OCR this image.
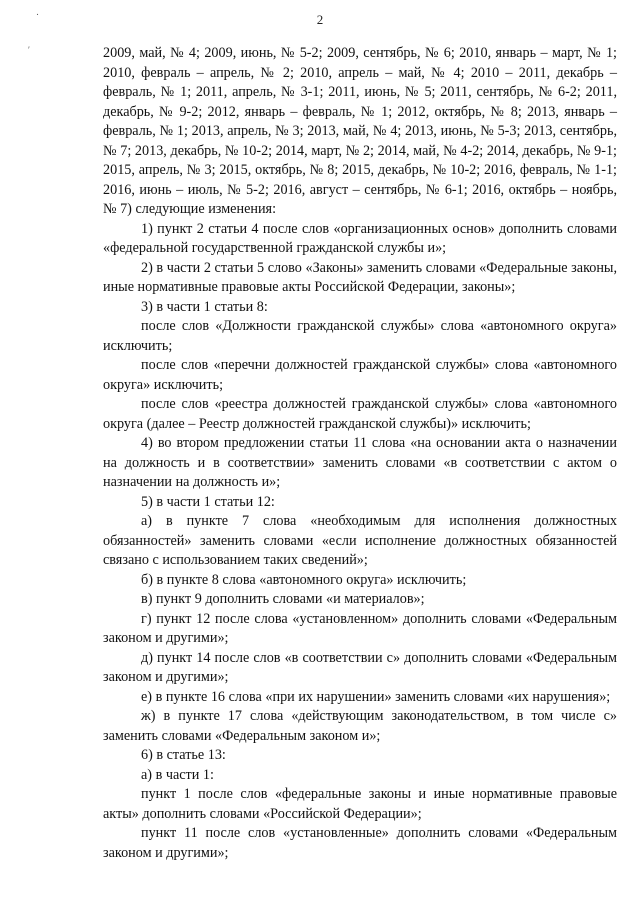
․
′
2

2009, май, № 4; 2009, июнь, № 5-2; 2009, сентябрь, № 6; 2010, январь – март, № 1; 2010, февраль – апрель, № 2; 2010, апрель – май, № 4; 2010 – 2011, декабрь – февраль, № 1; 2011, апрель, № 3-1; 2011, июнь, № 5; 2011, сентябрь, № 6-2; 2011, декабрь, № 9-2; 2012, январь – февраль, № 1; 2012, октябрь, № 8; 2013, январь – февраль, № 1; 2013, апрель, № 3; 2013, май, № 4; 2013, июнь, № 5-3; 2013, сентябрь, № 7; 2013, декабрь, № 10-2; 2014, март, № 2; 2014, май, № 4-2; 2014, декабрь, № 9-1; 2015, апрель, № 3; 2015, октябрь, № 8; 2015, декабрь, № 10-2; 2016, февраль, № 1-1; 2016, июнь – июль, № 5-2; 2016, август – сентябрь, № 6-1; 2016, октябрь – ноябрь, № 7) следующие изменения:

1) пункт 2 статьи 4 после слов «организационных основ» дополнить словами «федеральной государственной гражданской службы и»;

2) в части 2 статьи 5 слово «Законы» заменить словами «Федеральные законы, иные нормативные правовые акты Российской Федерации, законы»;

3) в части 1 статьи 8:

после слов «Должности гражданской службы» слова «автономного округа» исключить;

после слов «перечни должностей гражданской службы» слова «автономного округа» исключить;

после слов «реестра должностей гражданской службы» слова «автономного округа (далее – Реестр должностей гражданской службы)» исключить;

4) во втором предложении статьи 11 слова «на основании акта о назначении на должность и в соответствии» заменить словами «в соответствии с актом о назначении на должность и»;

5) в части 1 статьи 12:

а) в пункте 7 слова «необходимым для исполнения должностных обязанностей» заменить словами «если исполнение должностных обязанностей связано с использованием таких сведений»;

б) в пункте 8 слова «автономного округа» исключить;

в) пункт 9 дополнить словами «и материалов»;

г) пункт 12 после слова «установленном» дополнить словами «Федеральным законом и другими»;

д) пункт 14 после слов «в соответствии с» дополнить словами «Федеральным законом и другими»;

е) в пункте 16 слова «при их нарушении» заменить словами «их нарушения»;

ж) в пункте 17 слова «действующим законодательством, в том числе с» заменить словами «Федеральным законом и»;

6) в статье 13:

а) в части 1:

пункт 1 после слов «федеральные законы и иные нормативные правовые акты» дополнить словами «Российской Федерации»;

пункт 11 после слов «установленные» дополнить словами «Федеральным законом и другими»;
